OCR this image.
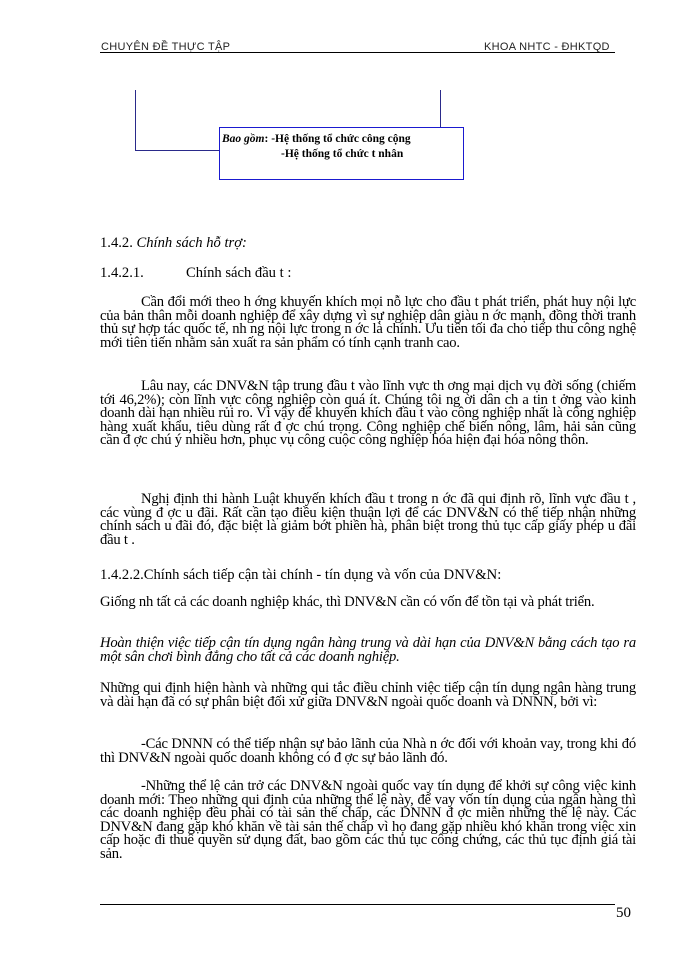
CHUYÊN ĐỀ THỰC TẬP	KHOA NHTC - ĐHKTQD
Bao gồm: -Hệ thống tổ chức công cộng
-Hệ thống tổ chức t nhân
1.4.2. Chính sách hỗ trợ:
1.4.2.1.	Chính sách đầu t :

Cần đổi mới theo h ớng khuyến khích mọi nỗ lực cho đầu t phát triển, phát huy nội lực của bản thân mỗi doanh nghiệp để xây dựng vì sự nghiệp dân giàu n ớc mạnh, đồng thời tranh thủ sự hợp tác quốc tế, nh ng nội lực trong n ớc là chính. Ưu tiên tối đa cho tiếp thu công nghệ mới tiên tiến nhằm sản xuất ra sản phẩm có tính cạnh tranh cao.

Lâu nay, các DNV&N tập trung đầu t vào lĩnh vực th ơng mại dịch vụ đời sống (chiếm tới 46,2%); còn lĩnh vực công nghiệp còn quá ít. Chúng tôi ng ời dân ch a tin t ởng vào kinh doanh dài hạn nhiều rủi ro. Vì vậy để khuyến khích đầu t vào công nghiệp nhất là công nghiệp hàng xuất khẩu, tiêu dùng rất đ ợc chú trọng. Công nghiệp chế biến nông, lâm, hải sản cũng cần đ ợc chú ý nhiều hơn, phục vụ công cuộc công nghiệp hóa hiện đại hóa nông thôn.

Nghị định thi hành Luật khuyến khích đầu t trong n ớc đã qui định rõ, lĩnh vực đầu t , các vùng đ ợc u đãi. Rất cần tạo điều kiện thuận lợi để các DNV&N có thể tiếp nhận những chính sách u đãi đó, đặc biệt là giảm bớt phiền hà, phân biệt trong thủ tục cấp giấy phép u đãi đầu t .

1.4.2.2.Chính sách tiếp cận tài chính - tín dụng và vốn của DNV&N:

Giống nh tất cả các doanh nghiệp khác, thì DNV&N cần có vốn để tồn tại và phát triển.

Hoàn thiện việc tiếp cận tín dụng ngân hàng trung và dài hạn của DNV&N bằng cách tạo ra một sân chơi bình đẳng cho tất cả các doanh nghiệp.

Những qui định hiện hành và những qui tắc điều chỉnh việc tiếp cận tín dụng ngân hàng trung và dài hạn đã có sự phân biệt đối xử giữa DNV&N ngoài quốc doanh và DNNN, bởi vì:

-Các DNNN có thể tiếp nhận sự bảo lãnh của Nhà n ớc đối với khoản vay, trong khi đó thì DNV&N ngoài quốc doanh không có đ ợc sự bảo lãnh đó.

-Những thể lệ cản trở các DNV&N ngoài quốc vay tín dụng để khởi sự công việc kinh doanh mới: Theo những qui định của những thể lệ này, để vay vốn tín dụng của ngân hàng thì các doanh nghiệp đều phải có tài sản thế chấp, các DNNN đ ợc miễn những thể lệ này. Các DNV&N đang gặp khó khăn về tài sản thế chấp vì họ đang gặp nhiều khó khăn trong việc xin cấp hoặc đi thuê quyền sử dụng đất, bao gồm các thủ tục công chứng, các thủ tục định giá tài sản.

50
